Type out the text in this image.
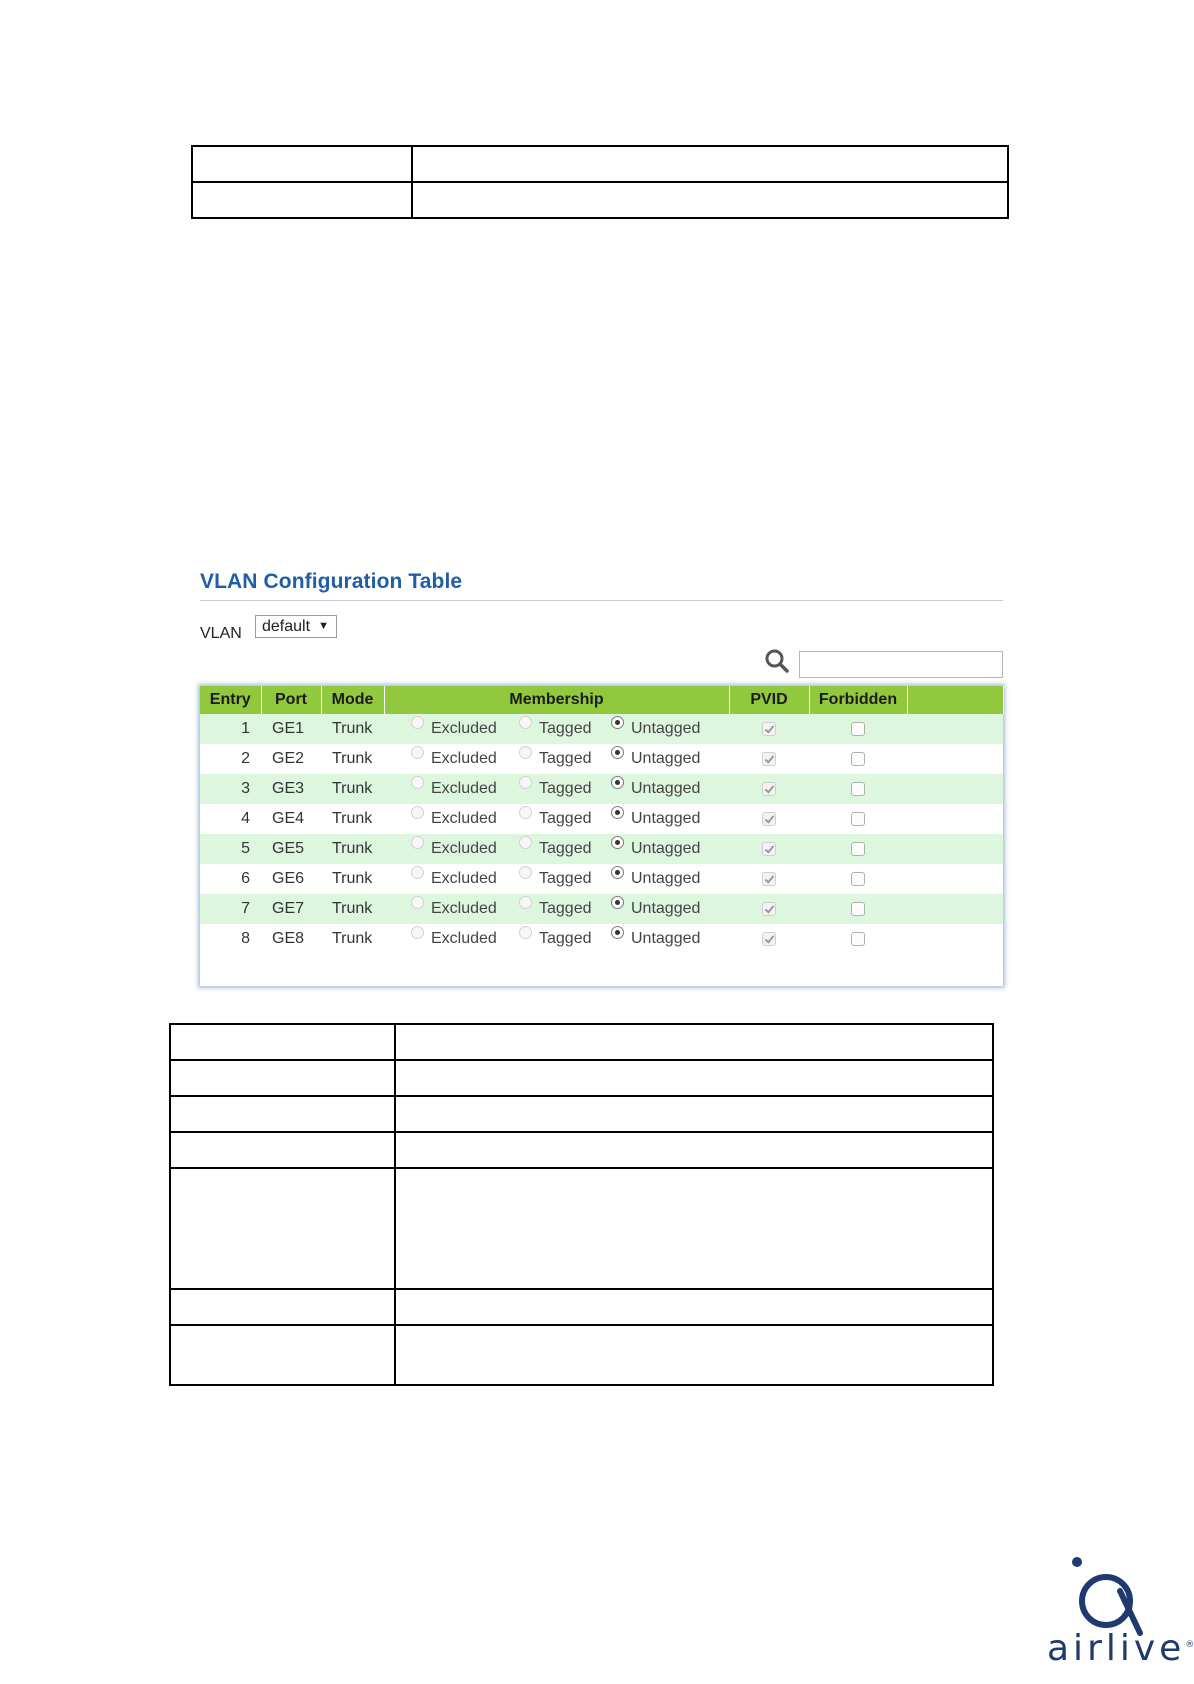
VLAN Configuration Table
VLAN	default ▼
Entry	Port	Mode	Membership	PVID	Forbidden	
1	GE1	Trunk	Excluded Tagged Untagged			
2	GE2	Trunk	Excluded Tagged Untagged			
3	GE3	Trunk	Excluded Tagged Untagged			
4	GE4	Trunk	Excluded Tagged Untagged			
5	GE5	Trunk	Excluded Tagged Untagged			
6	GE6	Trunk	Excluded Tagged Untagged			
7	GE7	Trunk	Excluded Tagged Untagged			
8	GE8	Trunk	Excluded Tagged Untagged			

airlive®
